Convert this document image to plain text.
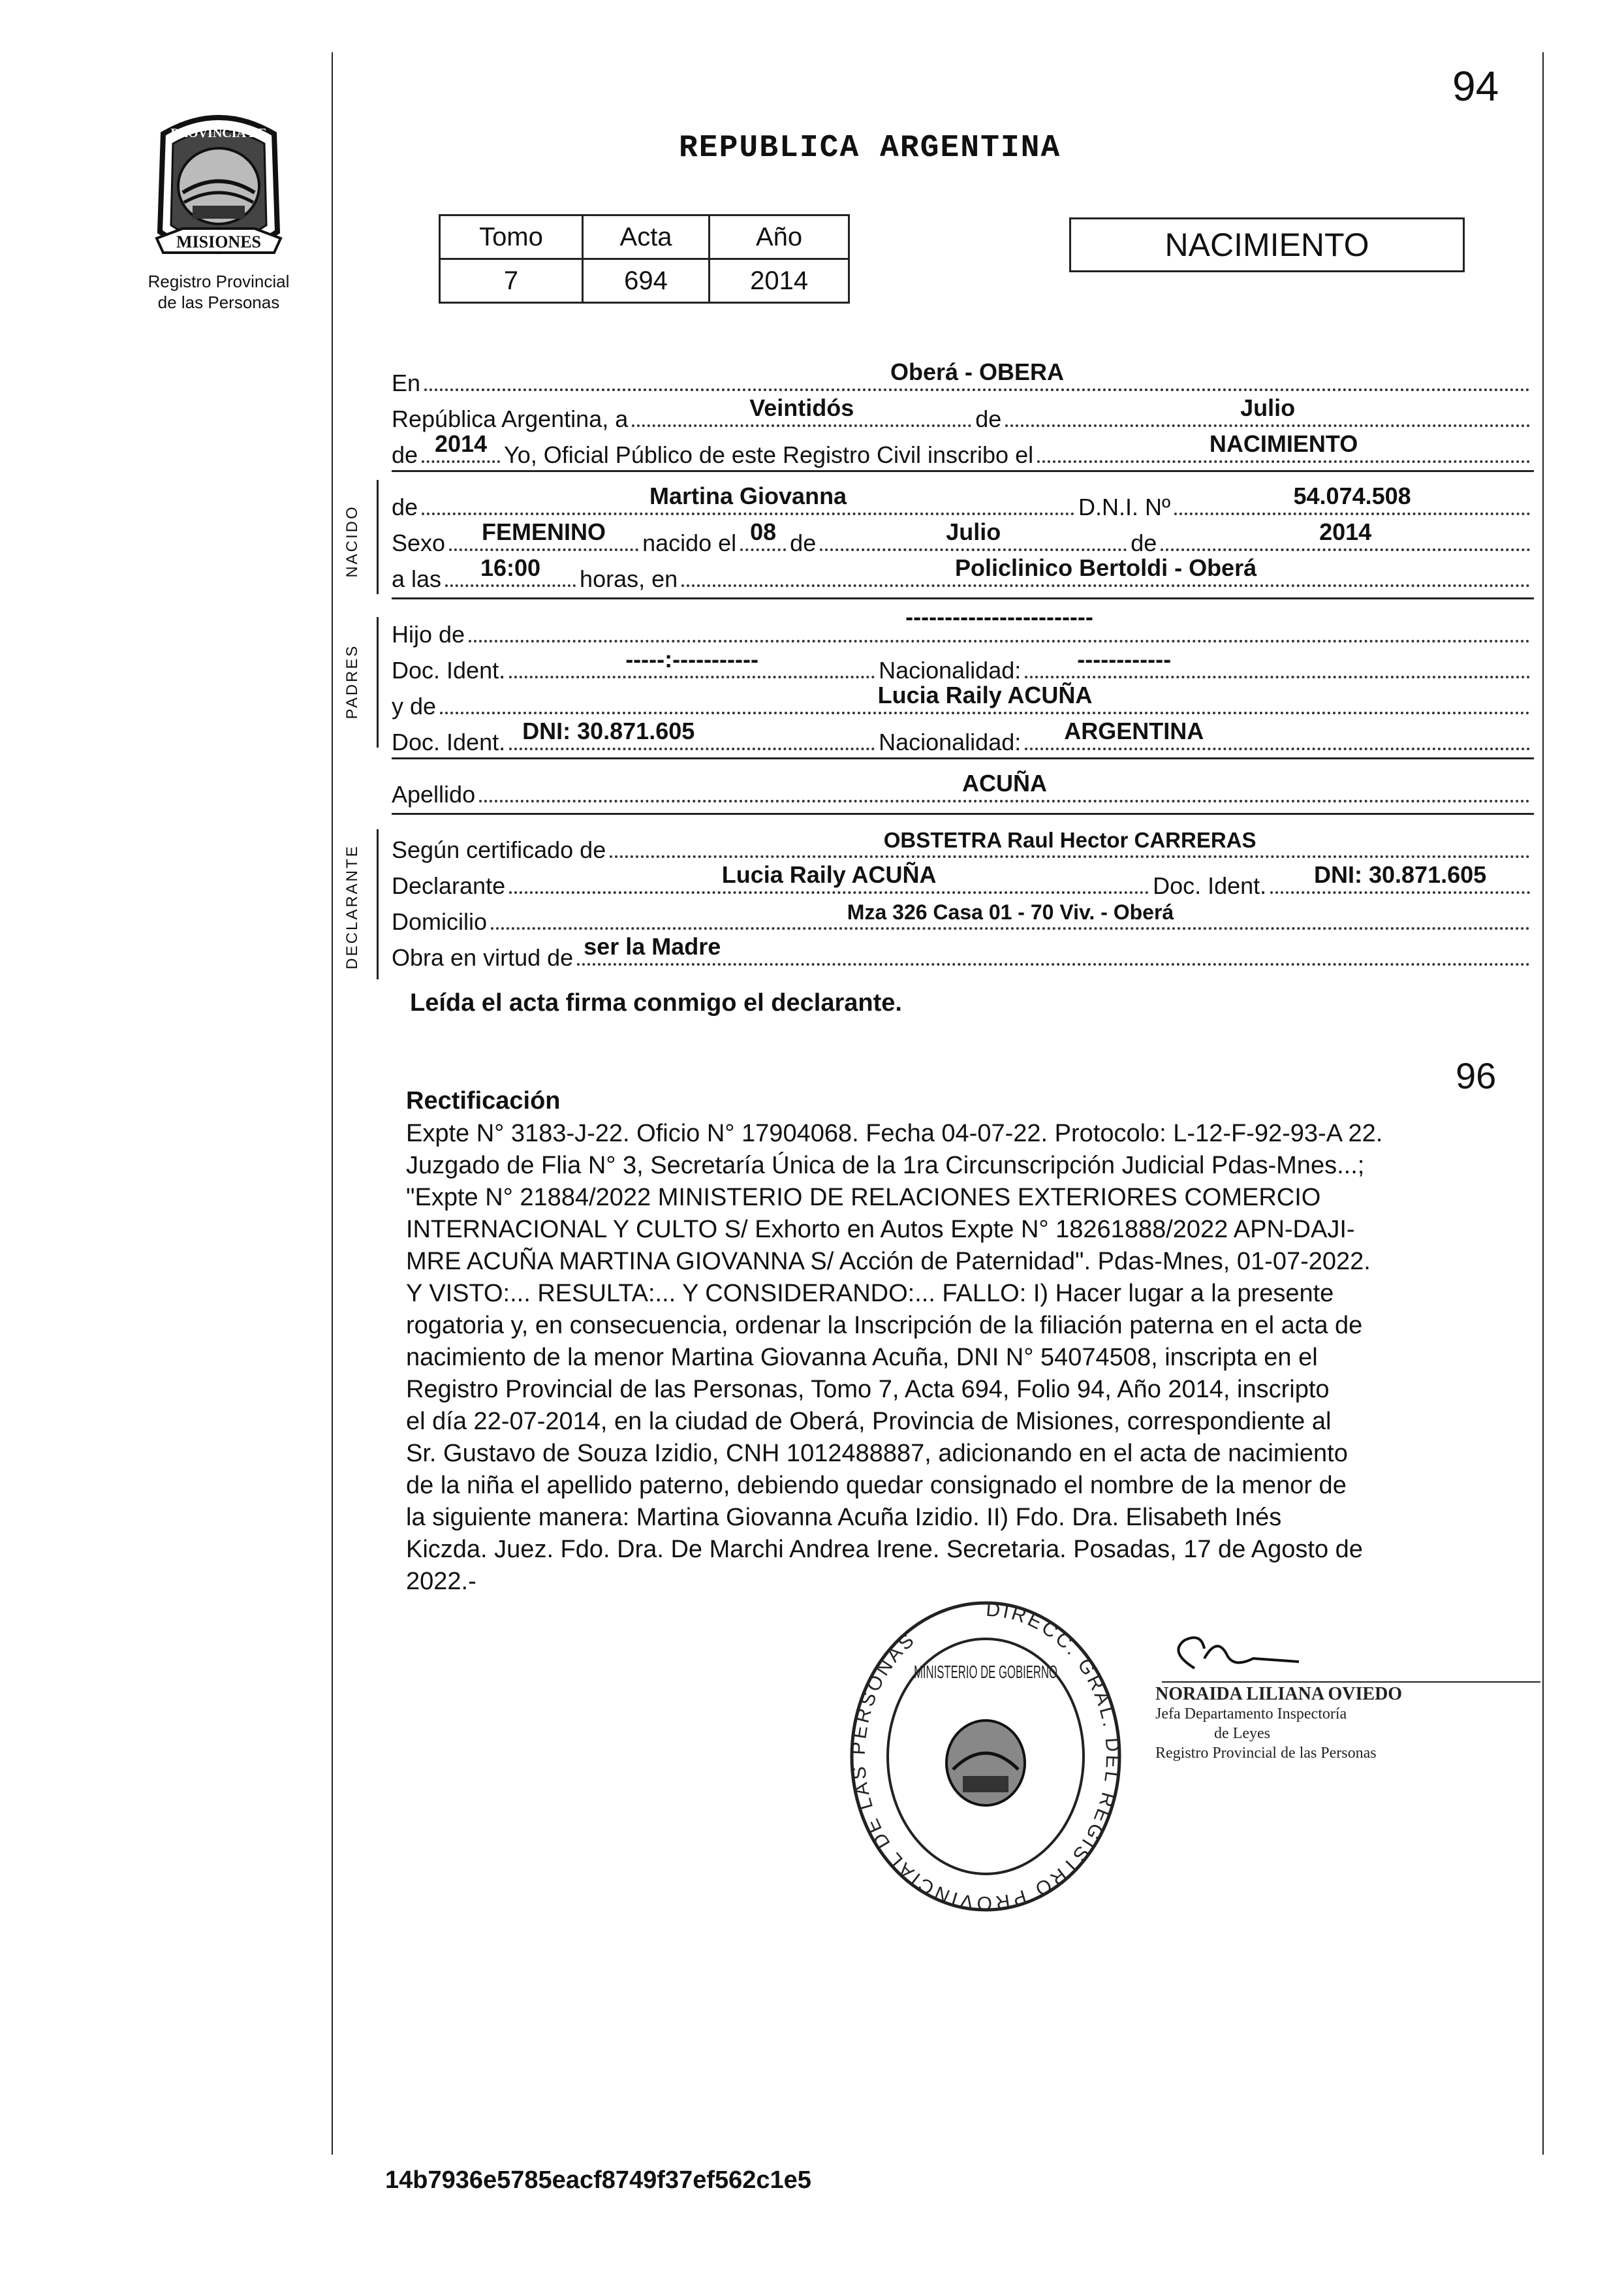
MISIONES
PROVINCIA DE
Registro Provincial
de las Personas
94
REPUBLICA ARGENTINA
Tomo	Acta	Año
7	694	2014
NACIMIENTO
NACIDO
PADRES
DECLARANTE
En	Oberá - OBERA
República Argentina, a	Veintidós	de	Julio
de 2014 Yo, Oficial Público de este Registro Civil inscribo el	NACIMIENTO
de	Martina Giovanna	D.N.I. Nº	54.074.508
Sexo	FEMENINO	nacido el 08 de	Julio	de	2014
a las	16:00	horas, en	Policlinico Bertoldi - Oberá
Hijo de
------------------------
Doc. Ident.	-----:-----------	Nacionalidad:	------------
y de	Lucia Raily ACUÑA
Doc. Ident. DNI: 30.871.605	Nacionalidad:	ARGENTINA
Apellido	ACUÑA
Según certificado de	OBSTETRA Raul Hector CARRERAS
Declarante	Lucia Raily ACUÑA	Doc. Ident.	DNI: 30.871.605
Domicilio	Mza 326 Casa 01 - 70 Viv. - Oberá
Obra en virtud de ser la Madre
Leída el acta firma conmigo el declarante.
96
Rectificación
Expte N° 3183-J-22. Oficio N° 17904068. Fecha 04-07-22. Protocolo: L-12-F-92-93-A 22.
Juzgado de Flia N° 3, Secretaría Única de la 1ra Circunscripción Judicial Pdas-Mnes...;
"Expte N° 21884/2022 MINISTERIO DE RELACIONES EXTERIORES COMERCIO
INTERNACIONAL Y CULTO S/ Exhorto en Autos Expte N° 18261888/2022 APN-DAJI-
MRE ACUÑA MARTINA GIOVANNA S/ Acción de Paternidad". Pdas-Mnes, 01-07-2022.
Y VISTO:... RESULTA:... Y CONSIDERANDO:... FALLO: I) Hacer lugar a la presente
rogatoria y, en consecuencia, ordenar la Inscripción de la filiación paterna en el acta de
nacimiento de la menor Martina Giovanna Acuña, DNI N° 54074508, inscripta en el
Registro Provincial de las Personas, Tomo 7, Acta 694, Folio 94, Año 2014, inscripto
el día 22-07-2014, en la ciudad de Oberá, Provincia de Misiones, correspondiente al
Sr. Gustavo de Souza Izidio, CNH 1012488887, adicionando en el acta de nacimiento
de la niña el apellido paterno, debiendo quedar consignado el nombre de la menor de
la siguiente manera: Martina Giovanna Acuña Izidio. II) Fdo. Dra. Elisabeth Inés
Kiczda. Juez. Fdo. Dra. De Marchi Andrea Irene. Secretaria. Posadas, 17 de Agosto de
2022.-
DIRECC. GRAL. DEL REGISTRO PROVINCIAL DE LAS PERSONAS
MINISTERIO DE GOBIERNO
NORAIDA LILIANA OVIEDO
Jefa Departamento Inspectoría
de Leyes
Registro Provincial de las Personas
14b7936e5785eacf8749f37ef562c1e5
